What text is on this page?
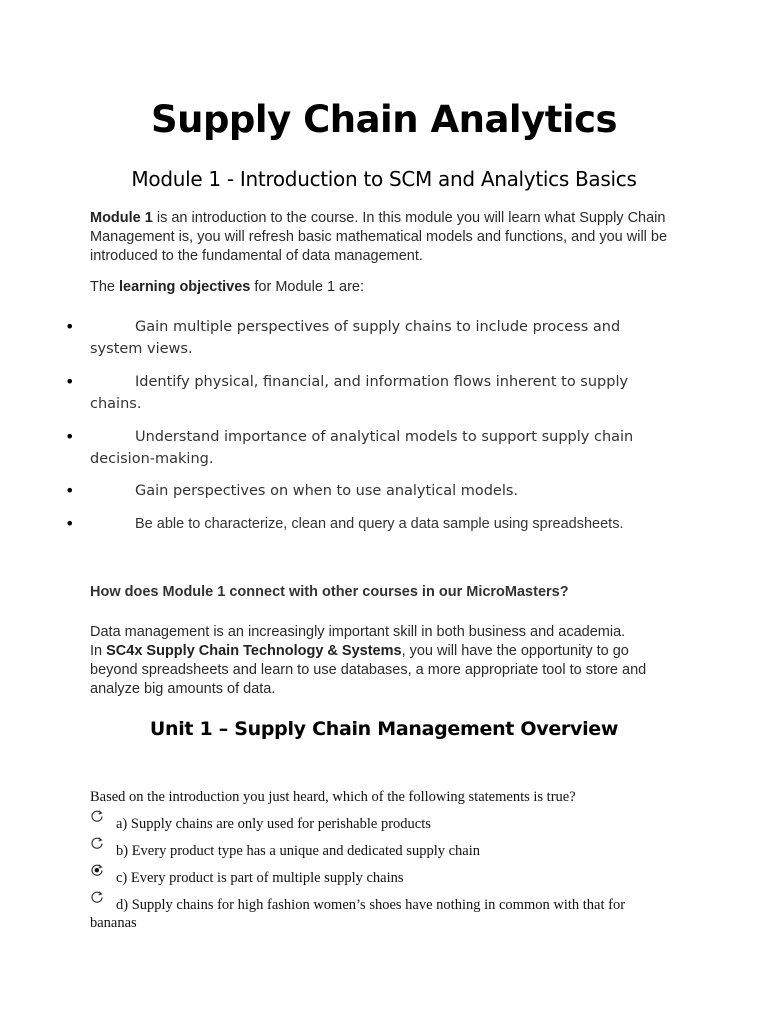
Supply Chain Analytics
Module 1 - Introduction to SCM and Analytics Basics
Module 1 is an introduction to the course. In this module you will learn what Supply Chain Management is, you will refresh basic mathematical models and functions, and you will be introduced to the fundamental of data management.
The learning objectives for Module 1 are:
•	Gain multiple perspectives of supply chains to include process and system views.
•	Identify physical, financial, and information flows inherent to supply chains.
•	Understand importance of analytical models to support supply chain decision-making.
•	Gain perspectives on when to use analytical models.
•	Be able to characterize, clean and query a data sample using spreadsheets.
How does Module 1 connect with other courses in our MicroMasters?
Data management is an increasingly important skill in both business and academia.
In SC4x Supply Chain Technology & Systems, you will have the opportunity to go beyond spreadsheets and learn to use databases, a more appropriate tool to store and analyze big amounts of data.
Unit 1 – Supply Chain Management Overview
Based on the introduction you just heard, which of the following statements is true?
a) Supply chains are only used for perishable products
b) Every product type has a unique and dedicated supply chain
c) Every product is part of multiple supply chains
d) Supply chains for high fashion women’s shoes have nothing in common with that for bananas
